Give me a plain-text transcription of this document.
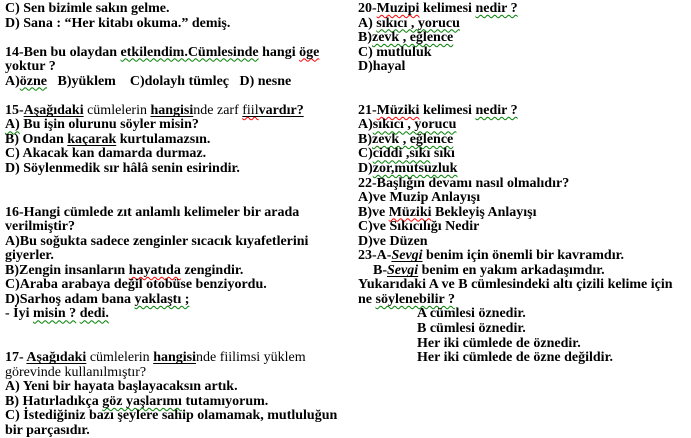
C) Sen bizimle sakın gelme.
D) Sana : “Her kitabı okuma.” demiş.

14-Ben bu olaydan etkilendim.Cümlesinde hangi öge
yoktur ?
A)özne   B)yüklem    C)dolaylı tümleç   D) nesne

15-Aşağıdaki cümlelerin hangisinde zarf fiilvardır?
A) Bu işin olurunu söyler misin?
B) Ondan kaçarak kurtulamazsın.
C) Akacak kan damarda durmaz.
D) Söylenmedik sır hâlâ senin esirindir.

16-Hangi cümlede zıt anlamlı kelimeler bir arada
verilmiştir?
A)Bu soğukta sadece zenginler sıcacık kıyafetlerini
giyerler.
B)Zengin insanların hayatıda zengindir.
C)Araba arabaya değil otobüse benziyordu.
D)Sarhoş adam bana yaklaştı ;
- İyi misin ? dedi.

17- Aşağıdaki cümlelerin hangisinde fiilimsi yüklem
görevinde kullanılmıştır?
A) Yeni bir hayata başlayacaksın artık.
B) Hatırladıkça göz yaşlarımı tutamıyorum.
C) İstediğiniz bazı şeylere sahip olamamak, mutluluğun
bir parçasıdır.
20-Muzipi kelimesi nedir ?
A) sıkıcı , yorucu
B)zevk , eğlence
C) mutluluk
D)hayal

21-Müziki kelimesi nedir ?
A)sıkıcı , yorucu
B)zevk , eğlence
C)ciddi ,sıkı sıkı
D)zor,mutsuzluk
22-Başlığın devamı nasıl olmalıdır?
A)ve Muzip Anlayışı
B)ve Müziki Bekleyiş Anlayışı
C)ve Sıkıcılığı Nedir
D)ve Düzen
23-A-Sevgi benim için önemli bir kavramdır.
B-Sevgi benim en yakım arkadaşımdır.
Yukarıdaki A ve B cümlesindeki altı çizili kelime için
ne söylenebilir ?
A cümlesi öznedir.
B cümlesi öznedir.
Her iki cümlede de öznedir.
Her iki cümlede de özne değildir.
